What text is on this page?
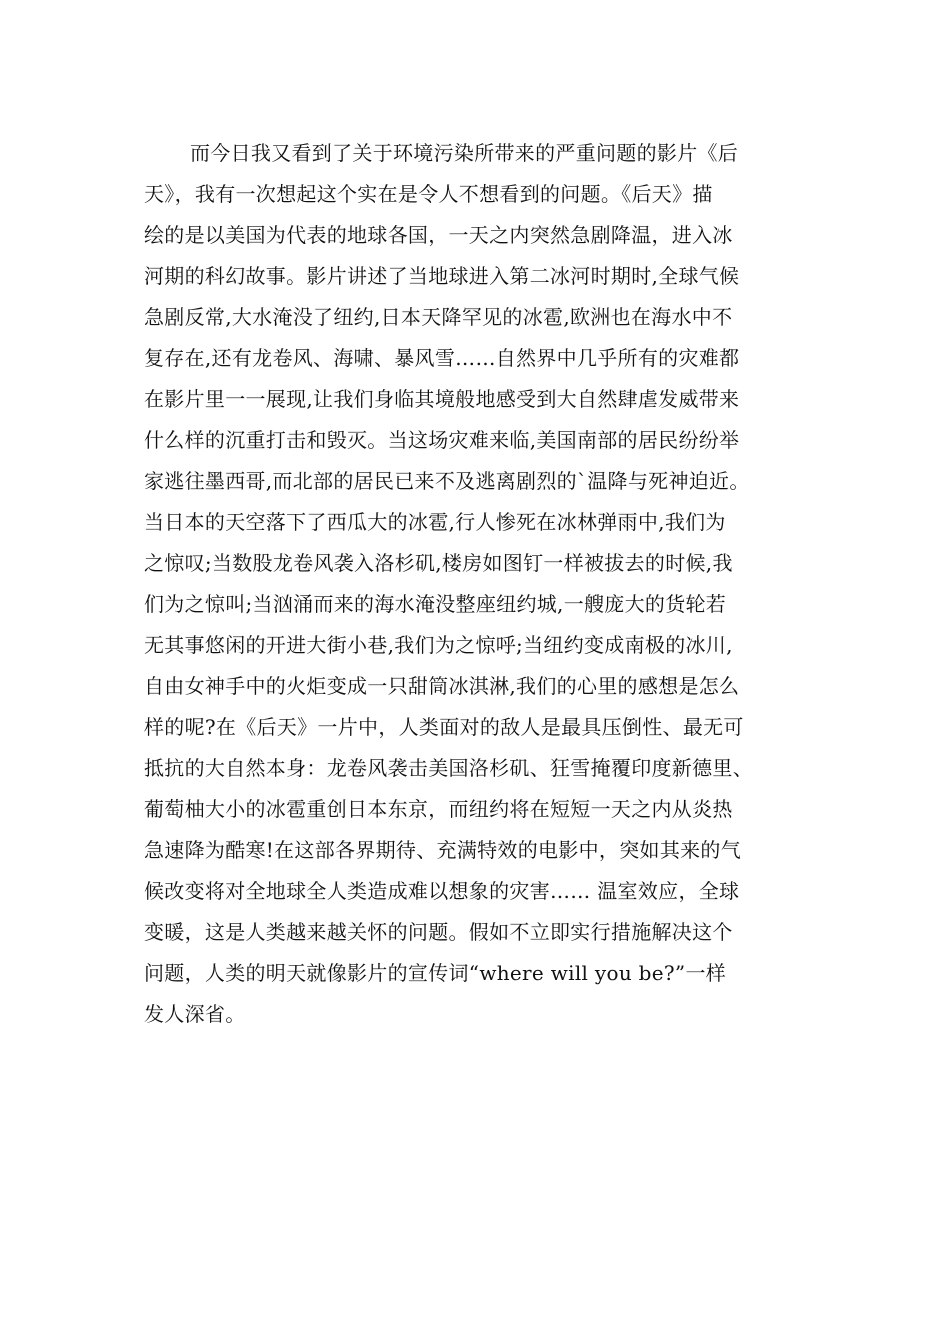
而今日我又看到了关于环境污染所带来的严重问题的影片《后
天》，我有一次想起这个实在是令人不想看到的问题。《后天》描
绘的是以美国为代表的地球各国，一天之内突然急剧降温，进入冰
河期的科幻故事。影片讲述了当地球进入第二冰河时期时,全球气候
急剧反常,大水淹没了纽约,日本天降罕见的冰雹,欧洲也在海水中不
复存在,还有龙卷风、海啸、暴风雪……自然界中几乎所有的灾难都
在影片里一一展现,让我们身临其境般地感受到大自然肆虐发威带来
什么样的沉重打击和毁灭。当这场灾难来临,美国南部的居民纷纷举
家逃往墨西哥,而北部的居民已来不及逃离剧烈的`温降与死神迫近。
当日本的天空落下了西瓜大的冰雹,行人惨死在冰林弹雨中,我们为
之惊叹;当数股龙卷风袭入洛杉矶,楼房如图钉一样被拔去的时候,我
们为之惊叫;当汹涌而来的海水淹没整座纽约城,一艘庞大的货轮若
无其事悠闲的开进大街小巷,我们为之惊呼;当纽约变成南极的冰川,
自由女神手中的火炬变成一只甜筒冰淇淋,我们的心里的感想是怎么
样的呢?在《后天》一片中，人类面对的敌人是最具压倒性、最无可
抵抗的大自然本身：龙卷风袭击美国洛杉矶、狂雪掩覆印度新德里、
葡萄柚大小的冰雹重创日本东京，而纽约将在短短一天之内从炎热
急速降为酷寒!在这部各界期待、充满特效的电影中，突如其来的气
候改变将对全地球全人类造成难以想象的灾害…… 温室效应，全球
变暖，这是人类越来越关怀的问题。假如不立即实行措施解决这个
问题，人类的明天就像影片的宣传词“where will you be?”一样
发人深省。
